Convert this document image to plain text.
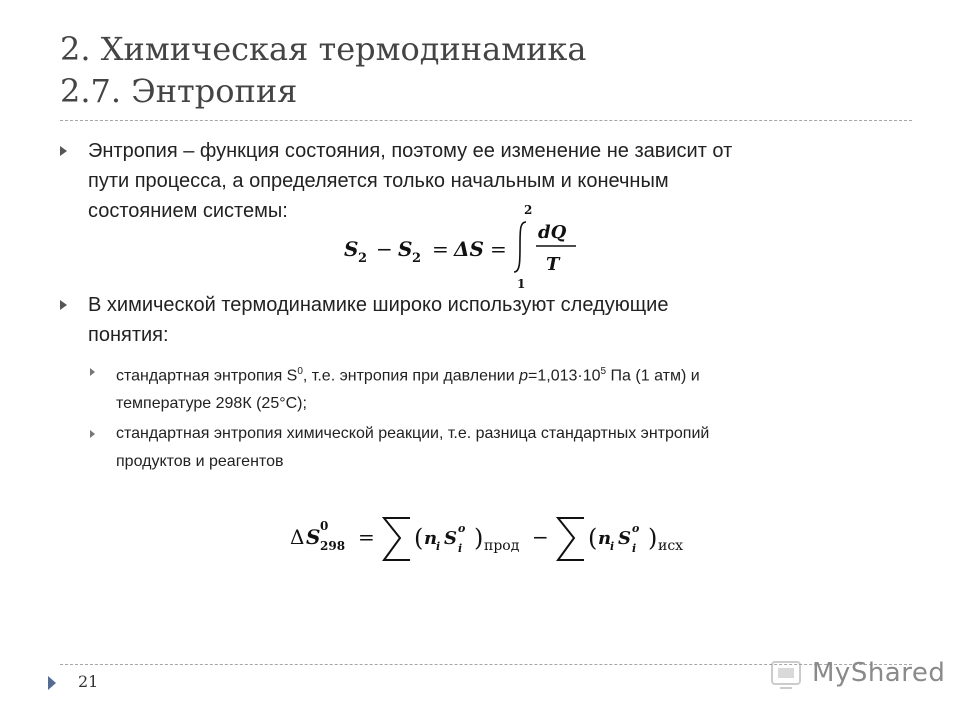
2. Химическая термодинамика
2.7. Энтропия
Энтропия – функция состояния, поэтому ее изменение не зависит от
пути процесса, а определяется только начальным и конечным
состоянием системы:
S 2 − S 2 = ΔS =
2
1
dQ
T
В химической термодинамике широко используют следующие
понятия:
стандартная энтропия $S^0$, т.е. энтропия при давлении $p=1,013\cdot 10^5$ Па (1 атм) и
температуре 298К (25°С);
стандартная энтропия химической реакции, т.е. разница стандартных энтропий
продуктов и реагентов
Δ S 0
298 = ( n
i S o
i ) прод − ( n
i S o
i ) исх
21	MyShared
